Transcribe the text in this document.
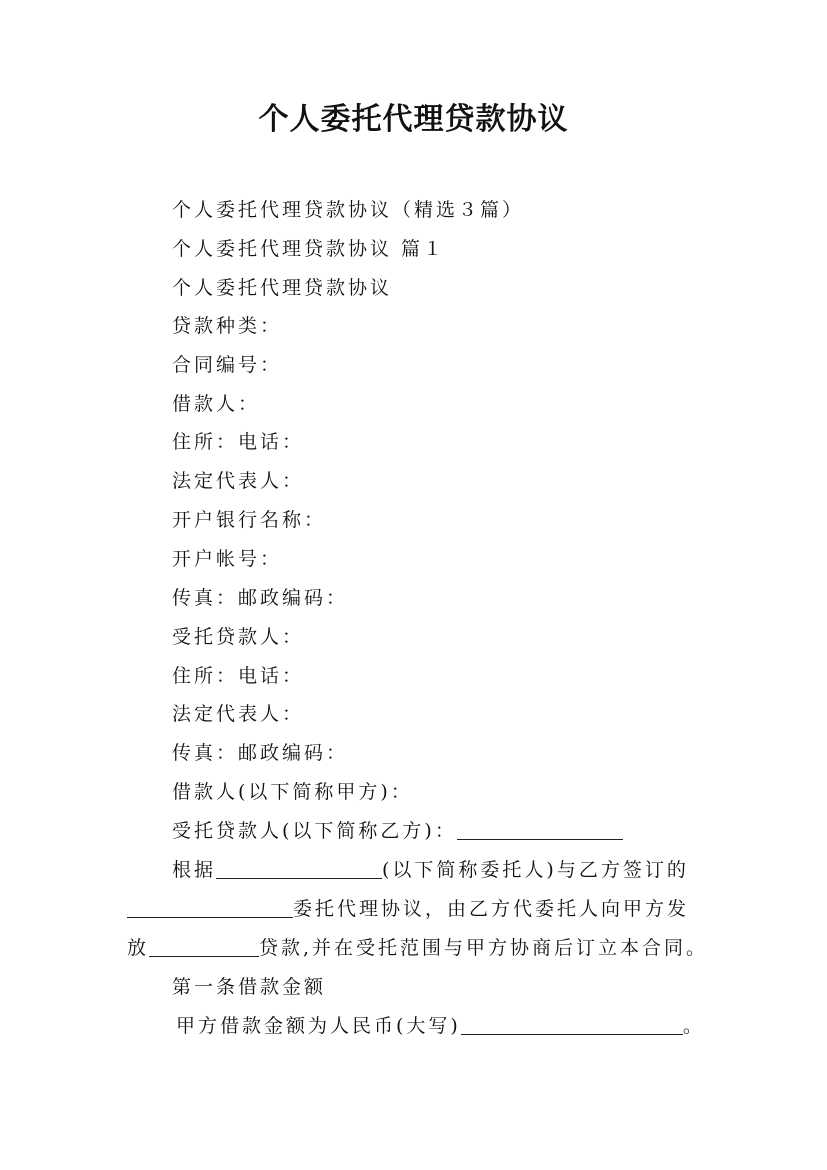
个人委托代理贷款协议
个人委托代理贷款协议（精选３篇）
个人委托代理贷款协议 篇１
个人委托代理贷款协议
贷款种类：
合同编号：
借款人：
住所：电话：
法定代表人：
开户银行名称：
开户帐号：
传真：邮政编码：
受托贷款人：
住所：电话：
法定代表人：
传真：邮政编码：
借款人(以下简称甲方)：
受托贷款人(以下简称乙方)：
根据	(以下简称委托人)与乙方签订的
委托代理协议，由乙方代委托人向甲方发
放	贷款,并在受托范围与甲方协商后订立本合同。
第一条借款金额
甲方借款金额为人民币(大写)	。
